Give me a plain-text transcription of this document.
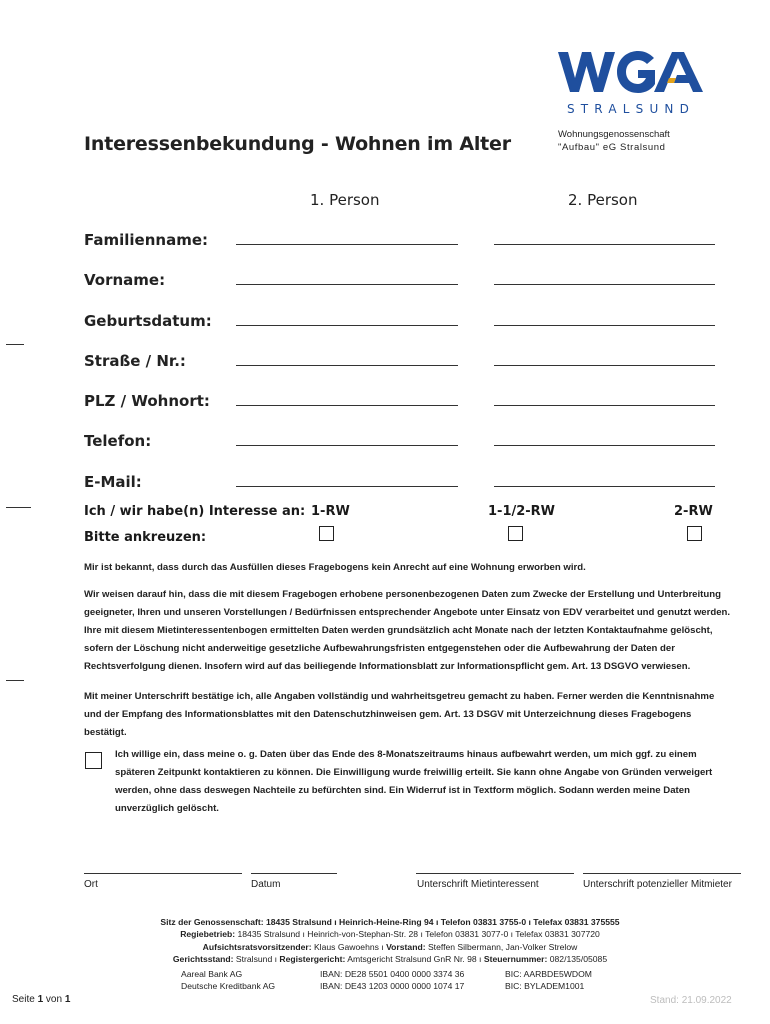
STRALSUND
Wohnungsgenossenschaft
"Aufbau" eG Stralsund
Interessenbekundung - Wohnen im Alter
1. Person	2. Person
Familienname:
Vorname:
Geburtsdatum:
Straße / Nr.:
PLZ / Wohnort:
Telefon:
E-Mail:
Ich / wir habe(n) Interesse an:
Bitte ankreuzen:
1-RW	1-1/2-RW	2-RW
Mir ist bekannt, dass durch das Ausfüllen dieses Fragebogens kein Anrecht auf eine Wohnung erworben wird.
Wir weisen darauf hin, dass die mit diesem Fragebogen erhobene personenbezogenen Daten zum Zwecke der Erstellung und Unterbreitung geeigneter, Ihren und unseren Vorstellungen / Bedürfnissen entsprechender Angebote unter Einsatz von EDV verarbeitet und genutzt werden. Ihre mit diesem Mietinteressentenbogen ermittelten Daten werden grundsätzlich acht Monate nach der letzten Kontaktaufnahme gelöscht, sofern der Löschung nicht anderweitige gesetzliche Aufbewahrungsfristen entgegenstehen oder die Aufbewahrung der Daten der Rechtsverfolgung dienen. Insofern wird auf das beiliegende Informationsblatt zur Informationspflicht gem. Art. 13 DSGVO verwiesen.
Mit meiner Unterschrift bestätige ich, alle Angaben vollständig und wahrheitsgetreu gemacht zu haben. Ferner werden die Kenntnisnahme und der Empfang des Informationsblattes mit den Datenschutzhinweisen gem. Art. 13 DSGV mit Unterzeichnung dieses Fragebogens bestätigt.
Ich willige ein, dass meine o. g. Daten über das Ende des 8-Monatszeitraums hinaus aufbewahrt werden, um mich ggf. zu einem späteren Zeitpunkt kontaktieren zu können. Die Einwilligung wurde freiwillig erteilt. Sie kann ohne Angabe von Gründen verweigert werden, ohne dass deswegen Nachteile zu befürchten sind. Ein Widerruf ist in Textform möglich. Sodann werden meine Daten unverzüglich gelöscht.
Ort	Datum	Unterschrift Mietinteressent	Unterschrift potenzieller Mitmieter
Sitz der Genossenschaft: 18435 Stralsund ı Heinrich-Heine-Ring 94 ı Telefon 03831 3755-0 ı Telefax 03831 375555
Regiebetrieb: 18435 Stralsund ı Heinrich-von-Stephan-Str. 28 ı Telefon 03831 3077-0 ı Telefax 03831 307720
Aufsichtsratsvorsitzender: Klaus Gawoehns ı Vorstand: Steffen Silbermann, Jan-Volker Strelow
Gerichtsstand: Stralsund ı Registergericht: Amtsgericht Stralsund GnR Nr. 98 ı Steuernummer: 082/135/05085
Aareal Bank AG	IBAN: DE28 5501 0400 0000 3374 36	BIC: AARBDE5WDOM
Deutsche Kreditbank AG	IBAN: DE43 1203 0000 0000 1074 17	BIC: BYLADEM1001
Seite 1 von 1	Stand: 21.09.2022
